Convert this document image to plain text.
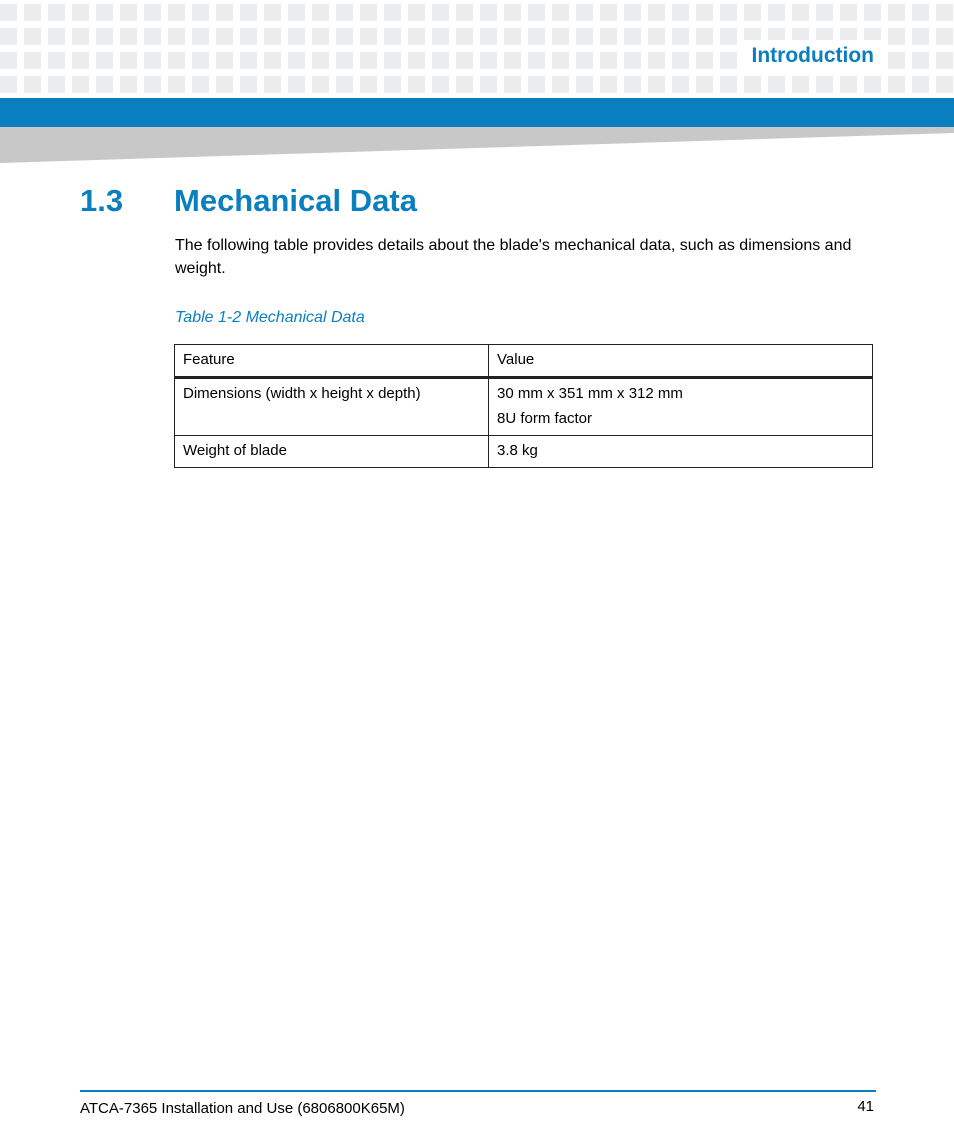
Introduction
1.3 Mechanical Data

The following table provides details about the blade's mechanical data, such as dimensions and weight.

Table 1-2 Mechanical Data
Feature	Value
Dimensions (width x height x depth)	30 mm x 351 mm x 312 mm
8U form factor

Weight of blade	3.8 kg
ATCA-7365 Installation and Use (6806800K65M)	41
